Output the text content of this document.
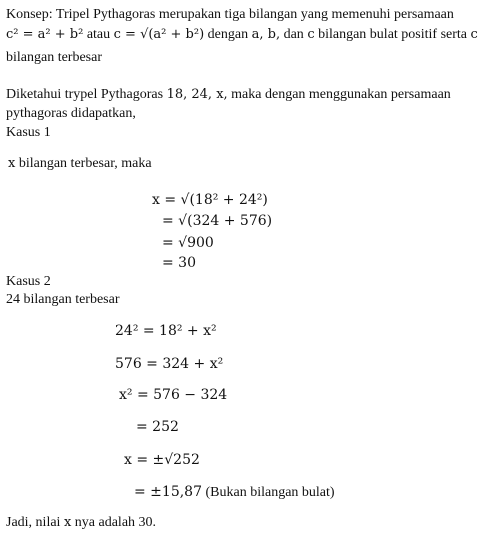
Konsep: Tripel Pythagoras merupakan tiga bilangan yang memenuhi persamaan
c² = a² + b² atau c = √(a² + b²) dengan a, b, dan c bilangan bulat positif serta c
bilangan terbesar
Diketahui trypel Pythagoras 18, 24, x, maka dengan menggunakan persamaan
pythagoras didapatkan,
Kasus 1
x bilangan terbesar, maka
x = √(18² + 24²)
= √(324 + 576)
= √900
= 30
Kasus 2
24 bilangan terbesar
24² = 18² + x²
576 = 324 + x²
x² = 576 − 324
= 252
x = ±√252
= ±15,87 (Bukan bilangan bulat)
Jadi, nilai x nya adalah 30.
